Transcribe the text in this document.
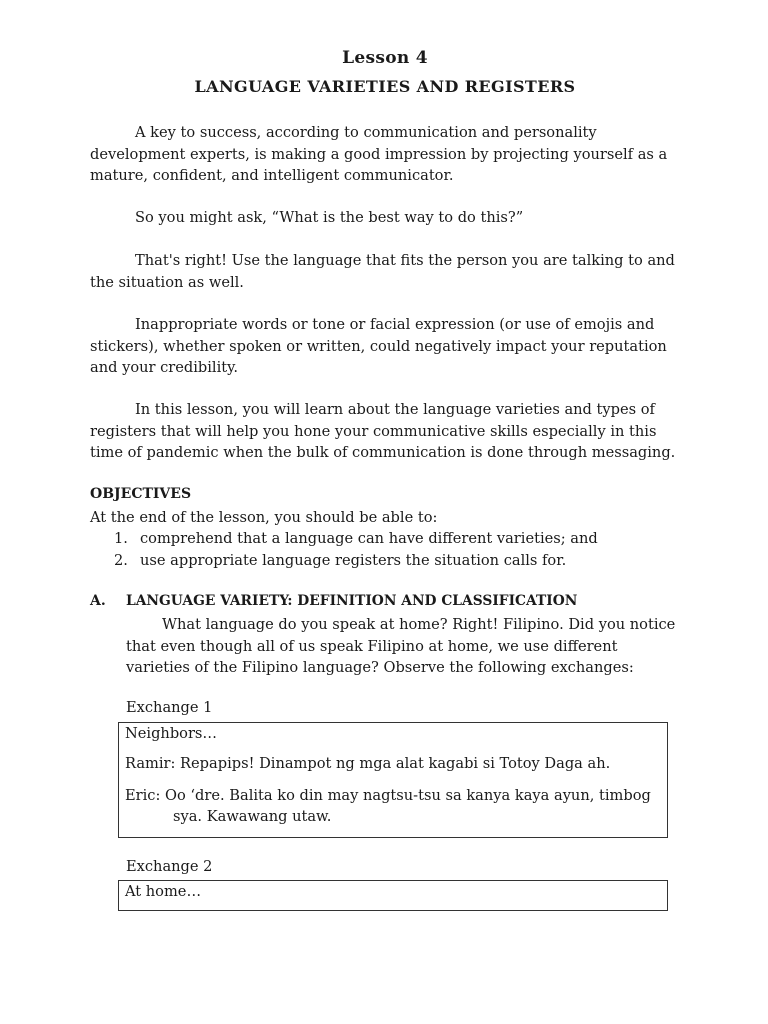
Lesson 4
LANGUAGE VARIETIES AND REGISTERS

A key to success, according to communication and personality development experts, is making a good impression by projecting yourself as a mature, confident, and intelligent communicator.

So you might ask, “What is the best way to do this?”

That's right! Use the language that fits the person you are talking to and the situation as well.

Inappropriate words or tone or facial expression (or use of emojis and stickers), whether spoken or written, could negatively impact your reputation and your credibility.

In this lesson, you will learn about the language varieties and types of registers that will help you hone your communicative skills especially in this time of pandemic when the bulk of communication is done through messaging.

OBJECTIVES
At the end of the lesson, you should be able to:
1. comprehend that a language can have different varieties; and
2. use appropriate language registers the situation calls for.
A. LANGUAGE VARIETY: DEFINITION AND CLASSIFICATION

What language do you speak at home? Right! Filipino. Did you notice that even though all of us speak Filipino at home, we use different varieties of the Filipino language? Observe the following exchanges:

Exchange 1

Neighbors…

Ramir: Repapips! Dinampot ng mga alat kagabi si Totoy Daga ah.

Eric: Oo ‘dre. Balita ko din may nagtsu-tsu sa kanya kaya ayun, timbog sya. Kawawang utaw.

Exchange 2

At home…
